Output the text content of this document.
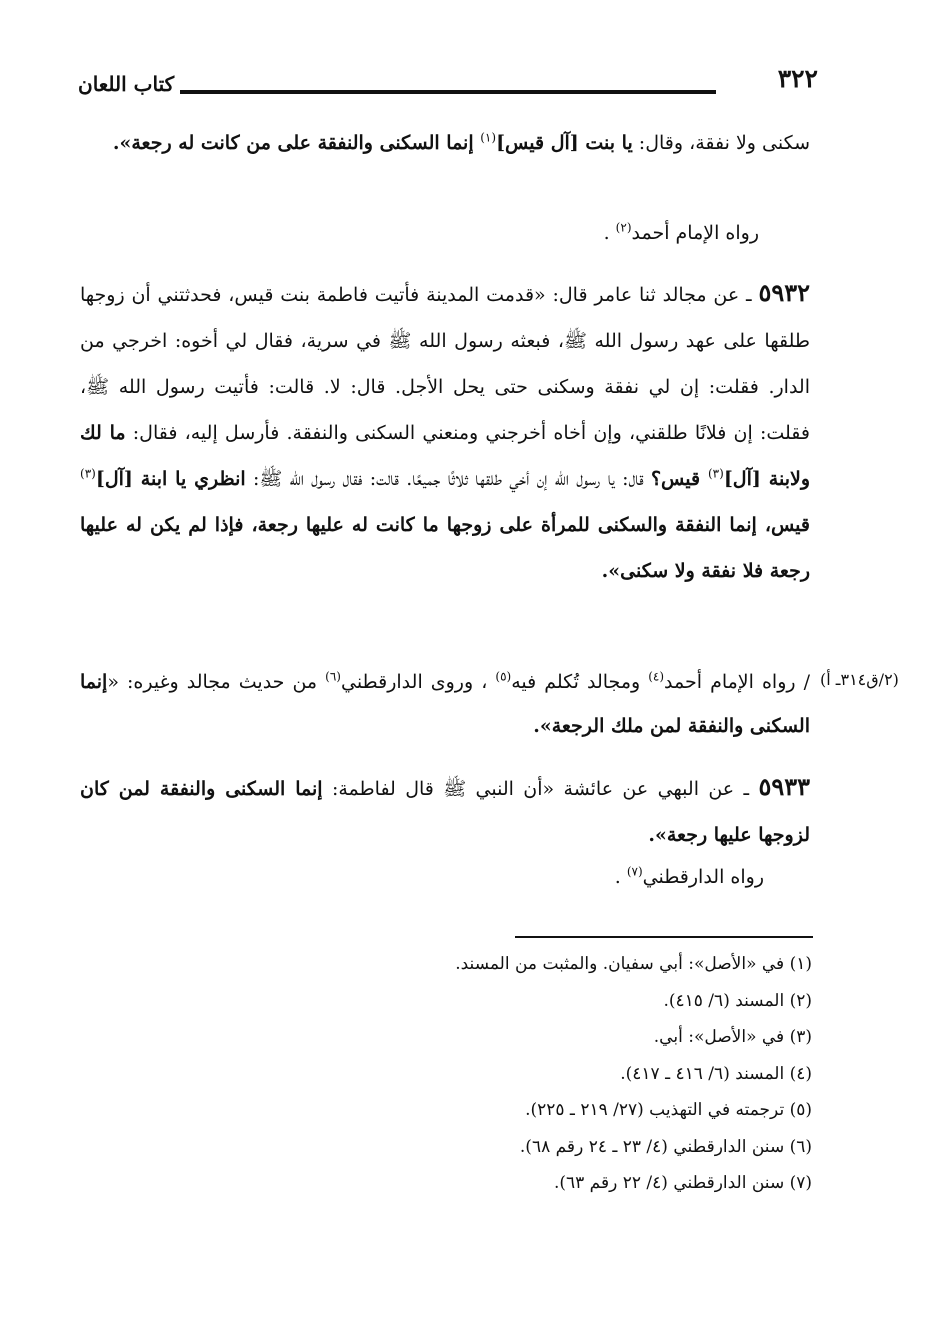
٣٢٢
كتاب اللعان
سكنى ولا نفقة، وقال: يا بنت [آل قيس]$^{(١)}$ إنما السكنى والنفقة على من كانت له رجعة».
رواه الإمام أحمد$^{(٢)}$ .
٥٩٣٢ ـ عن مجالد ثنا عامر قال: «قدمت المدينة فأتيت فاطمة بنت قيس، فحدثتني أن زوجها طلقها على عهد رسول الله ﷺ، فبعثه رسول الله ﷺ في سرية، فقال لي أخوه: اخرجي من الدار. فقلت: إن لي نفقة وسكنى حتى يحل الأجل. قال: لا. قالت: فأتيت رسول الله ﷺ، فقلت: إن فلانًا طلقني، وإن أخاه أخرجني ومنعني السكنى والنفقة. فأرسل إليه، فقال: ما لك ولابنة [آل]$^{(٣)}$ قيس؟ قال: يا رسول الله إن أخي طلقها ثلاثًا جميعًا. قالت: فقال رسول الله ﷺ: انظري يا ابنة [آل]$^{(٣)}$ قيس، إنما النفقة والسكنى للمرأة على زوجها ما كانت له عليها رجعة، فإذا لم يكن له عليها رجعة فلا نفقة ولا سكنى».
/ رواه الإمام أحمد$^{(٤)}$ ومجالد تُكلم فيه$^{(٥)}$ ، وروى الدارقطني$^{(٦)}$ من حديث مجالد وغيره: «إنما السكنى والنفقة لمن ملك الرجعة».
(٢/ق٣١٤ـ أ)
٥٩٣٣ ـ عن البهي عن عائشة «أن النبي ﷺ قال لفاطمة: إنما السكنى والنفقة لمن كان لزوجها عليها رجعة».
رواه الدارقطني$^{(٧)}$ .
(١) في «الأصل»: أبي سفيان. والمثبت من المسند.
(٢) المسند (٦/ ٤١٥).
(٣) في «الأصل»: أبي.
(٤) المسند (٦/ ٤١٦ ـ ٤١٧).
(٥) ترجمته في التهذيب (٢٧/ ٢١٩ ـ ٢٢٥).
(٦) سنن الدارقطني (٤/ ٢٣ ـ ٢٤ رقم ٦٨).
(٧) سنن الدارقطني (٤/ ٢٢ رقم ٦٣).
